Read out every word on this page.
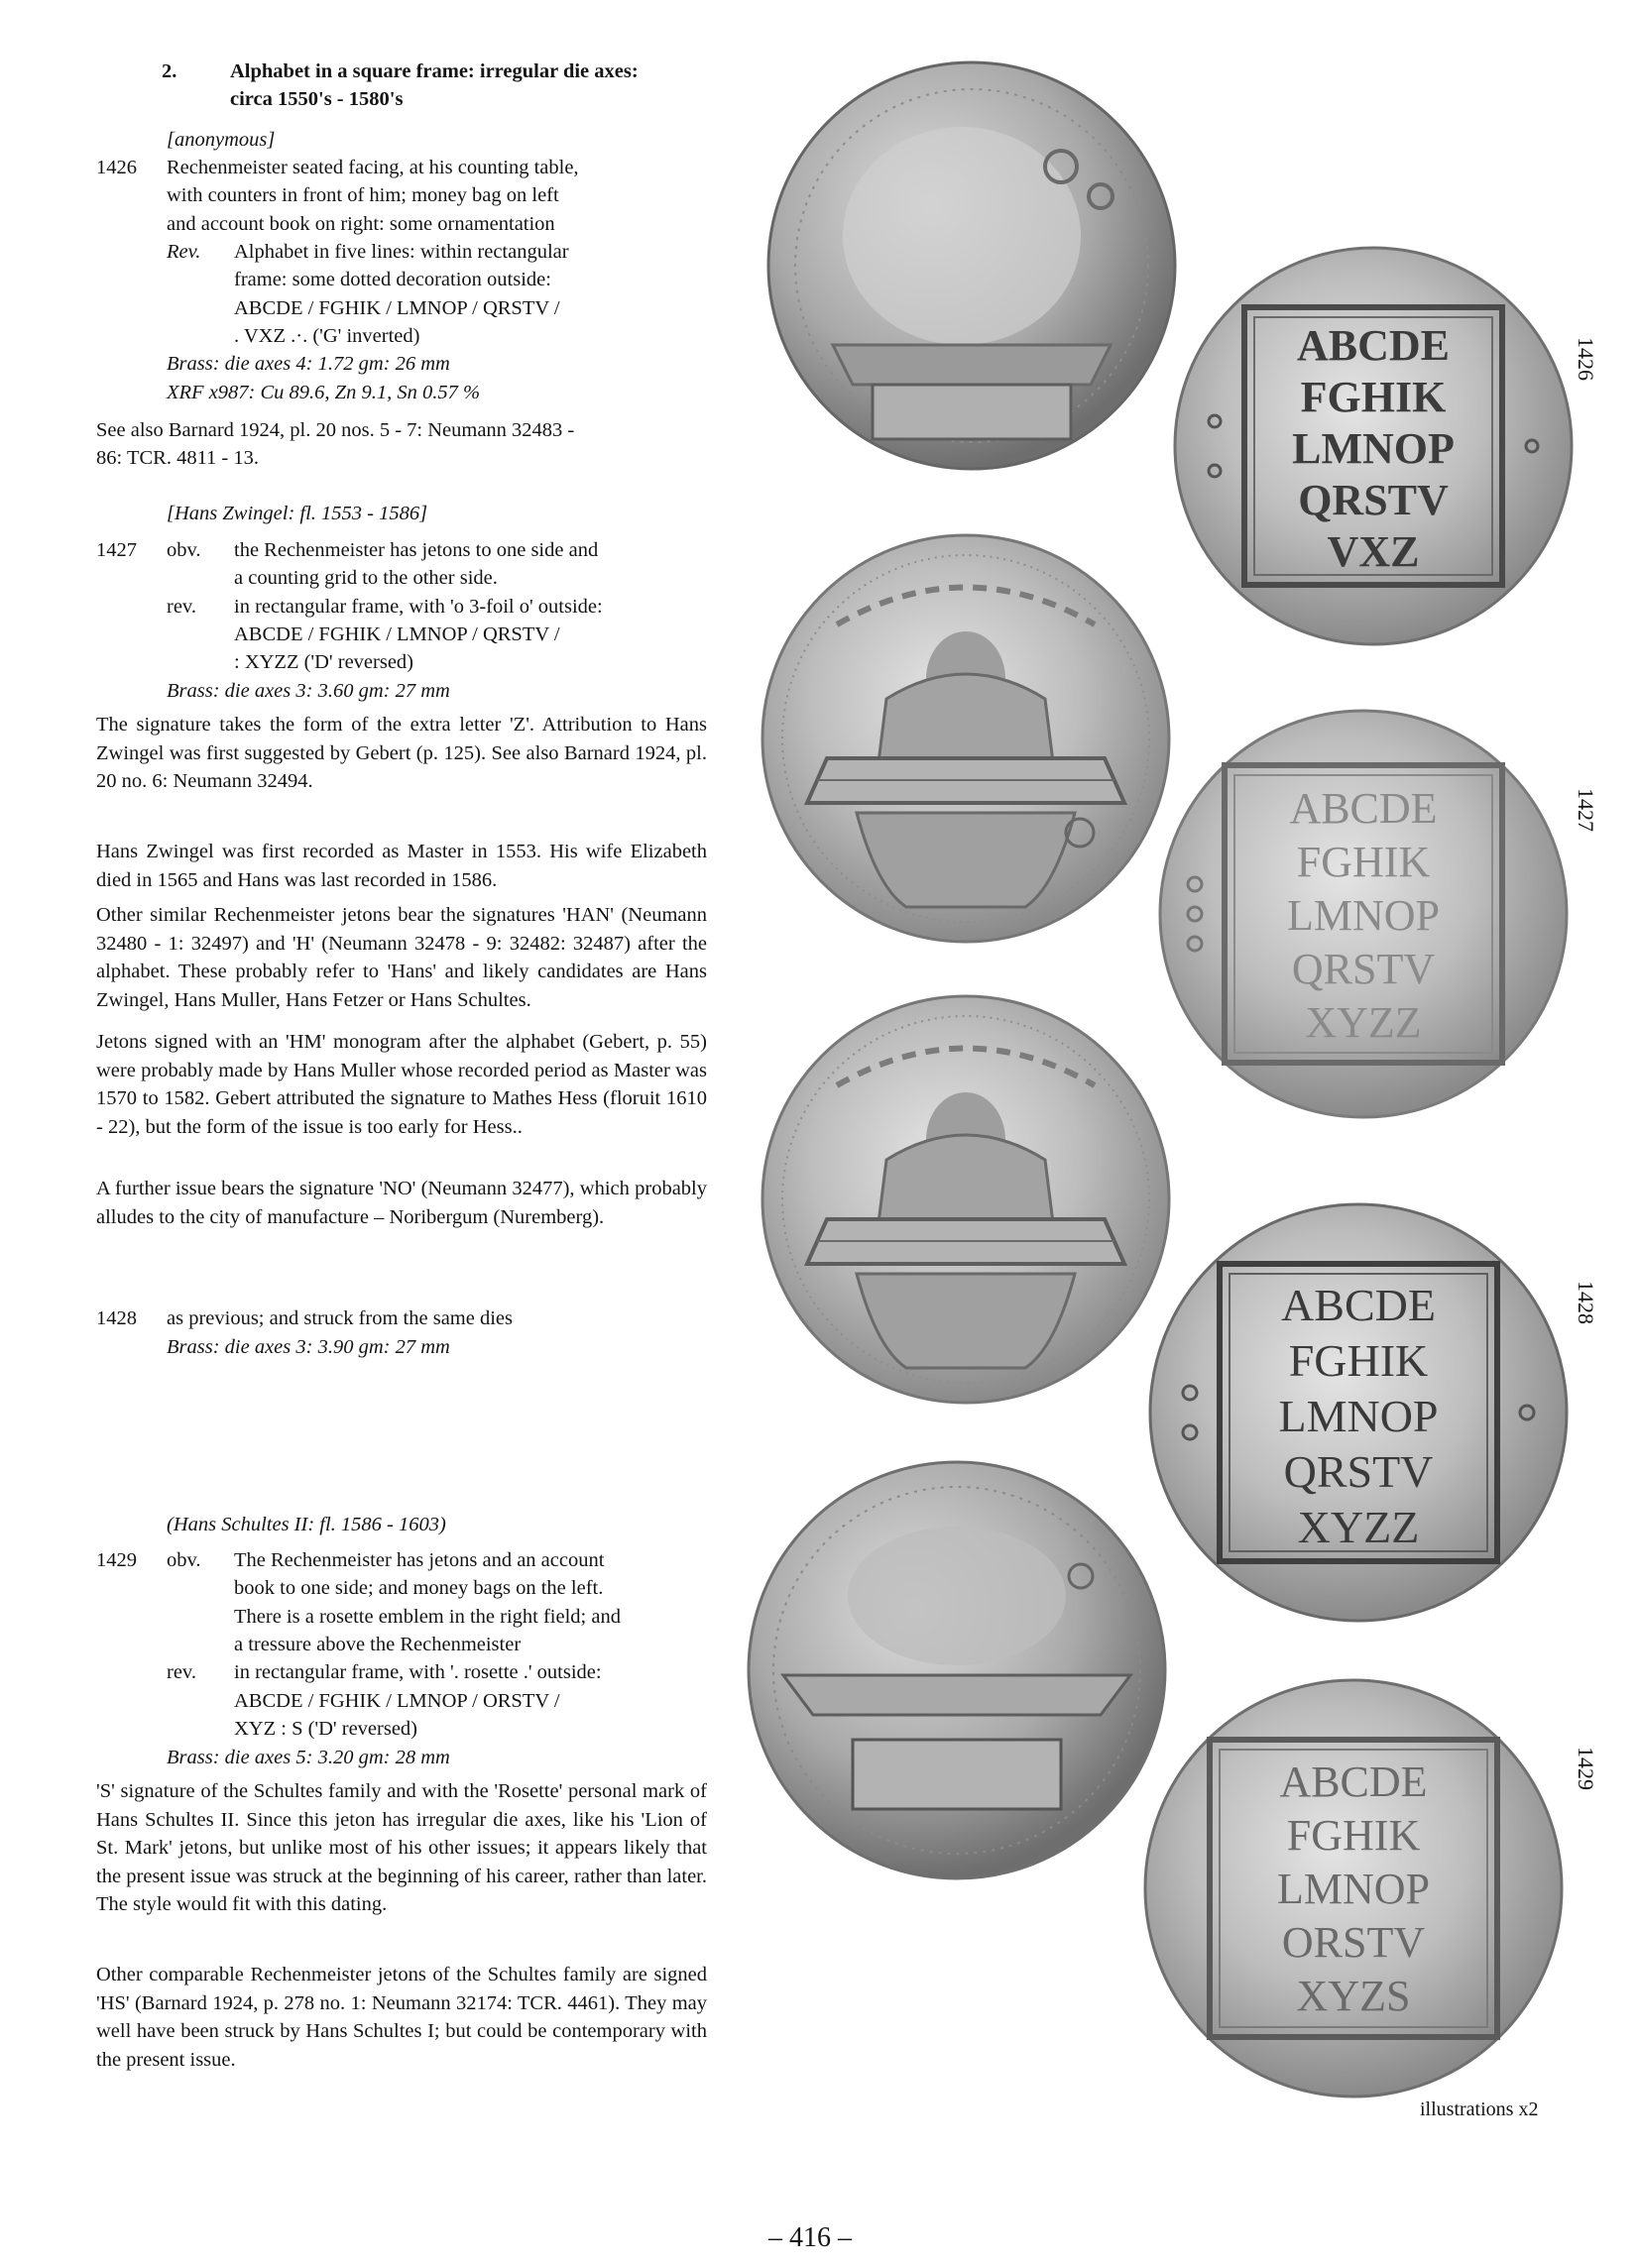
2.	Alphabet in a square frame: irregular die axes:
circa 1550's - 1580's
[anonymous]
1426 Rechenmeister seated facing, at his counting table,
with counters in front of him; money bag on left
and account book on right: some ornamentation
Rev. Alphabet in five lines: within rectangular
frame: some dotted decoration outside:
ABCDE / FGHIK / LMNOP / QRSTV /
. VXZ .·. ('G' inverted)
Brass: die axes 4: 1.72 gm: 26 mm
XRF x987: Cu 89.6, Zn 9.1, Sn 0.57 %
See also Barnard 1924, pl. 20 nos. 5 - 7: Neumann 32483 -
86: TCR. 4811 - 13.
[Hans Zwingel: fl. 1553 - 1586]
1427 obv. the Rechenmeister has jetons to one side and
a counting grid to the other side.
rev. in rectangular frame, with 'o 3-foil o' outside:
ABCDE / FGHIK / LMNOP / QRSTV /
: XYZZ ('D' reversed)
Brass: die axes 3: 3.60 gm: 27 mm

The signature takes the form of the extra letter 'Z'. Attribution to Hans Zwingel was first suggested by Gebert (p. 125). See also Barnard 1924, pl. 20 no. 6: Neumann 32494.

Hans Zwingel was first recorded as Master in 1553. His wife Elizabeth died in 1565 and Hans was last recorded in 1586.

Other similar Rechenmeister jetons bear the signatures 'HAN' (Neumann 32480 - 1: 32497) and 'H' (Neumann 32478 - 9: 32482: 32487) after the alphabet. These probably refer to 'Hans' and likely candidates are Hans Zwingel, Hans Muller, Hans Fetzer or Hans Schultes.

Jetons signed with an 'HM' monogram after the alphabet (Gebert, p. 55) were probably made by Hans Muller whose recorded period as Master was 1570 to 1582. Gebert attributed the signature to Mathes Hess (floruit 1610 - 22), but the form of the issue is too early for Hess..

A further issue bears the signature 'NO' (Neumann 32477), which probably alludes to the city of manufacture – Noribergum (Nuremberg).

1428 as previous; and struck from the same dies
Brass: die axes 3: 3.90 gm: 27 mm
(Hans Schultes II: fl. 1586 - 1603)
1429 obv. The Rechenmeister has jetons and an account
book to one side; and money bags on the left.
There is a rosette emblem in the right field; and
a tressure above the Rechenmeister
rev. in rectangular frame, with '. rosette .' outside:
ABCDE / FGHIK / LMNOP / ORSTV /
XYZ : S ('D' reversed)
Brass: die axes 5: 3.20 gm: 28 mm

'S' signature of the Schultes family and with the 'Rosette' personal mark of Hans Schultes II. Since this jeton has irregular die axes, like his 'Lion of St. Mark' jetons, but unlike most of his other issues; it appears likely that the present issue was struck at the beginning of his career, rather than later. The style would fit with this dating.

Other comparable Rechenmeister jetons of the Schultes family are signed 'HS' (Barnard 1924, p. 278 no. 1: Neumann 32174: TCR. 4461). They may well have been struck by Hans Schultes I; but could be contemporary with the present issue.

ABCDE
FGHIK
LMNOP
QRSTV
VXZ
ABCDE
FGHIK
LMNOP
QRSTV
XYZZ
ABCDE
FGHIK
LMNOP
QRSTV
XYZZ
ABCDE
FGHIK
LMNOP
ORSTV
XYZS
1426
1427
1428
1429
illustrations x2
– 416 –
